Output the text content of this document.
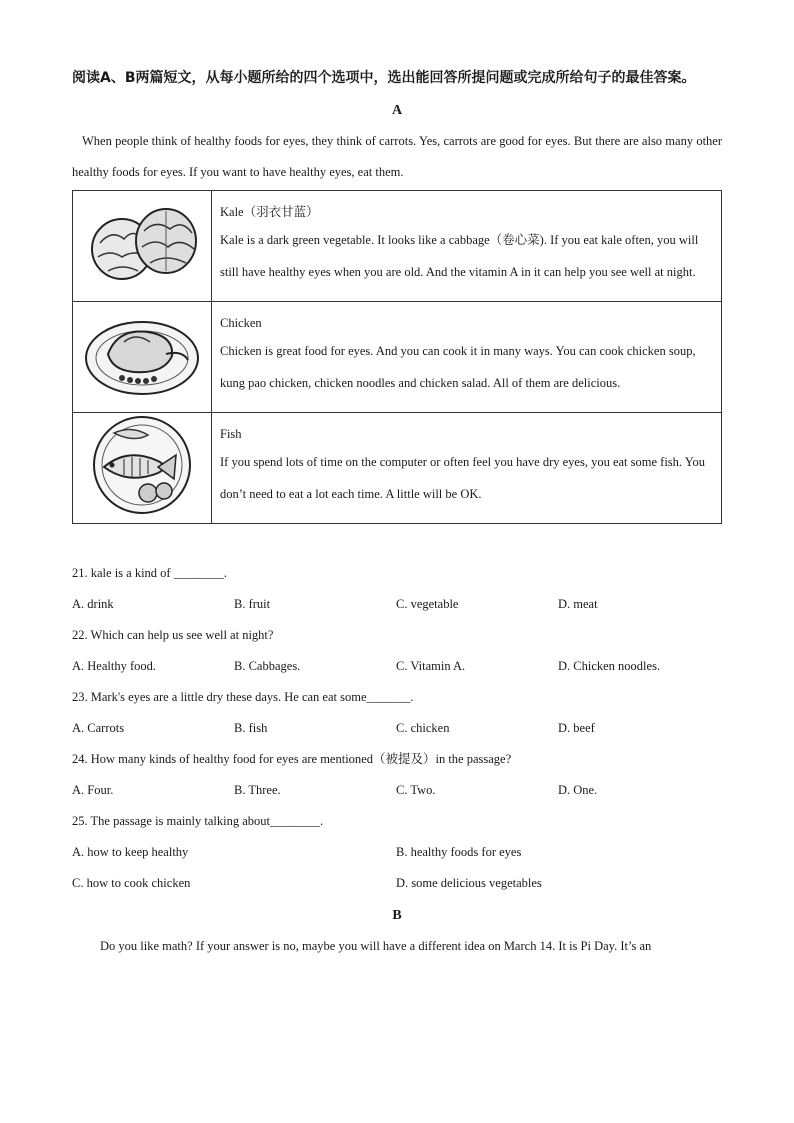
阅读A、B两篇短文，从每小题所给的四个选项中，选出能回答所提问题或完成所给句子的最佳答案。

A

When people think of healthy foods for eyes, they think of carrots. Yes, carrots are good for eyes. But there are also many other healthy foods for eyes. If you want to have healthy eyes, eat them.

Kale（羽衣甘蓝）
Kale is a dark green vegetable. It looks like a cabbage（卷心菜). If you eat kale often, you will still have healthy eyes when you are old. And the vitamin A in it can help you see well at night.

Chicken
Chicken is great food for eyes. And you can cook it in many ways. You can cook chicken soup, kung pao chicken, chicken noodles and chicken salad. All of them are delicious.

Fish
If you spend lots of time on the computer or often feel you have dry eyes, you eat some fish. You don’t need to eat a lot each time. A little will be OK.

21. kale is a kind of ________.

A. drink	B. fruit	C. vegetable	D. meat

22. Which can help us see well at night?

A. Healthy food.	B. Cabbages.	C. Vitamin A.	D. Chicken noodles.

23. Mark's eyes are a little dry these days. He can eat some_______.

A. Carrots	B. fish	C. chicken	D. beef

24. How many kinds of healthy food for eyes are mentioned（被提及）in the passage?

A. Four.	B. Three.	C. Two.	D. One.

25. The passage is mainly talking about________.

A. how to keep healthy	B. healthy foods for eyes
C. how to cook chicken	D. some delicious vegetables

B

Do you like math? If your answer is no, maybe you will have a different idea on March 14. It is Pi Day. It’s an
